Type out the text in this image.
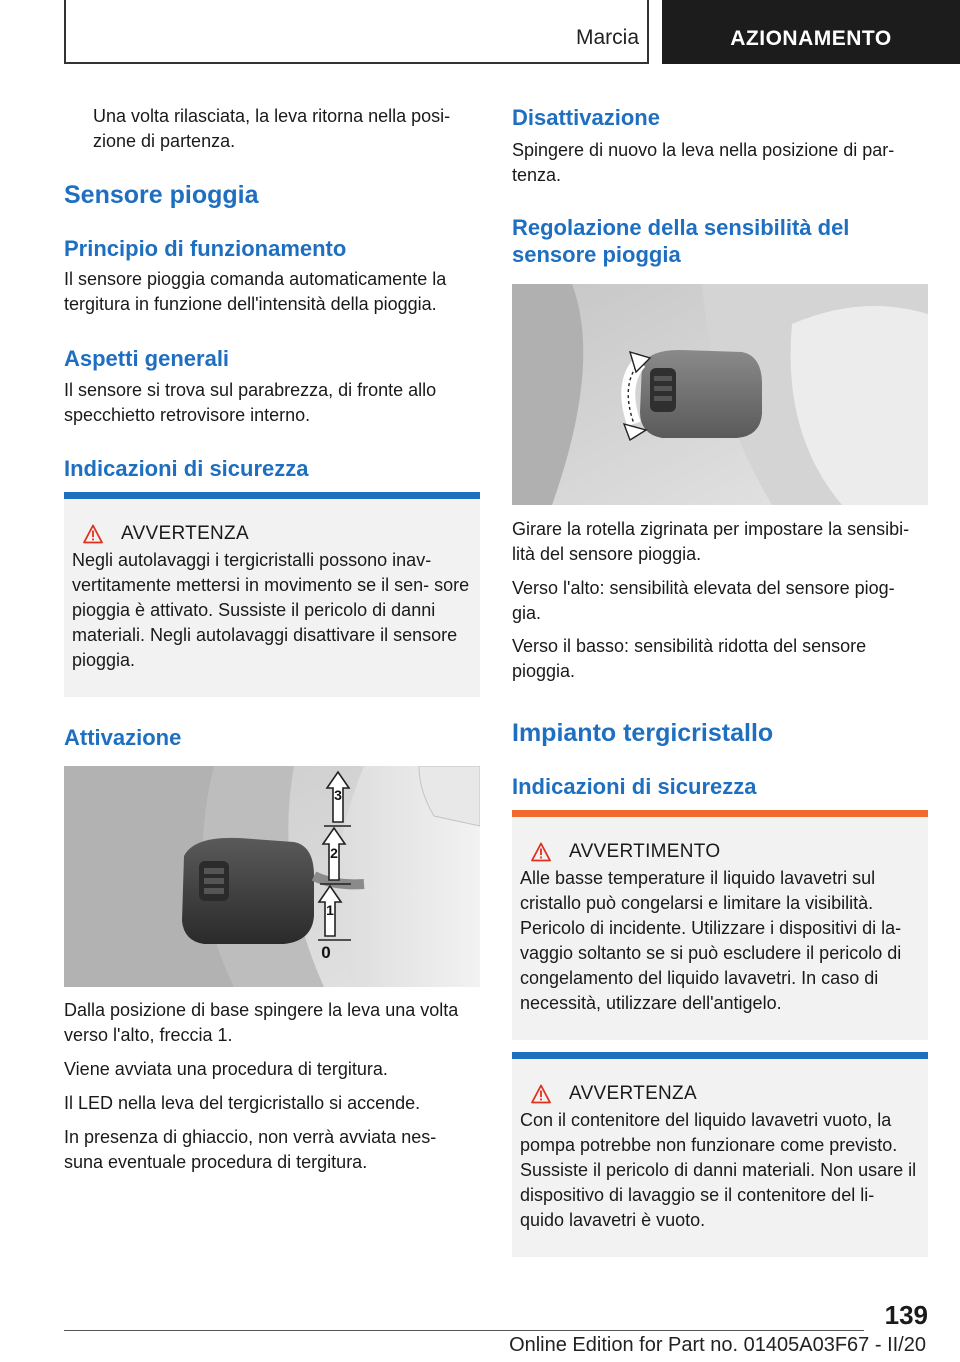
Marcia	AZIONAMENTO

Una volta rilasciata, la leva ritorna nella posi‐ zione di partenza.

Sensore pioggia
Principio di funzionamento

Il sensore pioggia comanda automaticamente la tergitura in funzione dell'intensità della pioggia.

Aspetti generali

Il sensore si trova sul parabrezza, di fronte allo specchietto retrovisore interno.

Indicazioni di sicurezza
AVVERTENZA

Negli autolavaggi i tergicristalli possono inav‐ vertitamente mettersi in movimento se il sen‐ sore pioggia è attivato. Sussiste il pericolo di danni materiali. Negli autolavaggi disattivare il sensore pioggia.

Attivazione
3
2
1
0

Dalla posizione di base spingere la leva una volta verso l'alto, freccia 1.

Viene avviata una procedura di tergitura.

Il LED nella leva del tergicristallo si accende.

In presenza di ghiaccio, non verrà avviata nes‐ suna eventuale procedura di tergitura.

Disattivazione

Spingere di nuovo la leva nella posizione di par‐ tenza.

Regolazione della sensibilità del sensore pioggia

Girare la rotella zigrinata per impostare la sensibi‐ lità del sensore pioggia.

Verso l'alto: sensibilità elevata del sensore piog‐ gia.

Verso il basso: sensibilità ridotta del sensore pioggia.

Impianto tergicristallo
Indicazioni di sicurezza
AVVERTIMENTO

Alle basse temperature il liquido lavavetri sul cristallo può congelarsi e limitare la visibilità. Pericolo di incidente. Utilizzare i dispositivi di la‐ vaggio soltanto se si può escludere il pericolo di congelamento del liquido lavavetri. In caso di necessità, utilizzare dell'antigelo.

AVVERTENZA

Con il contenitore del liquido lavavetri vuoto, la pompa potrebbe non funzionare come previsto. Sussiste il pericolo di danni materiali. Non usare il dispositivo di lavaggio se il contenitore del li‐ quido lavavetri è vuoto.

139
Online Edition for Part no. 01405A03F67 - II/20
